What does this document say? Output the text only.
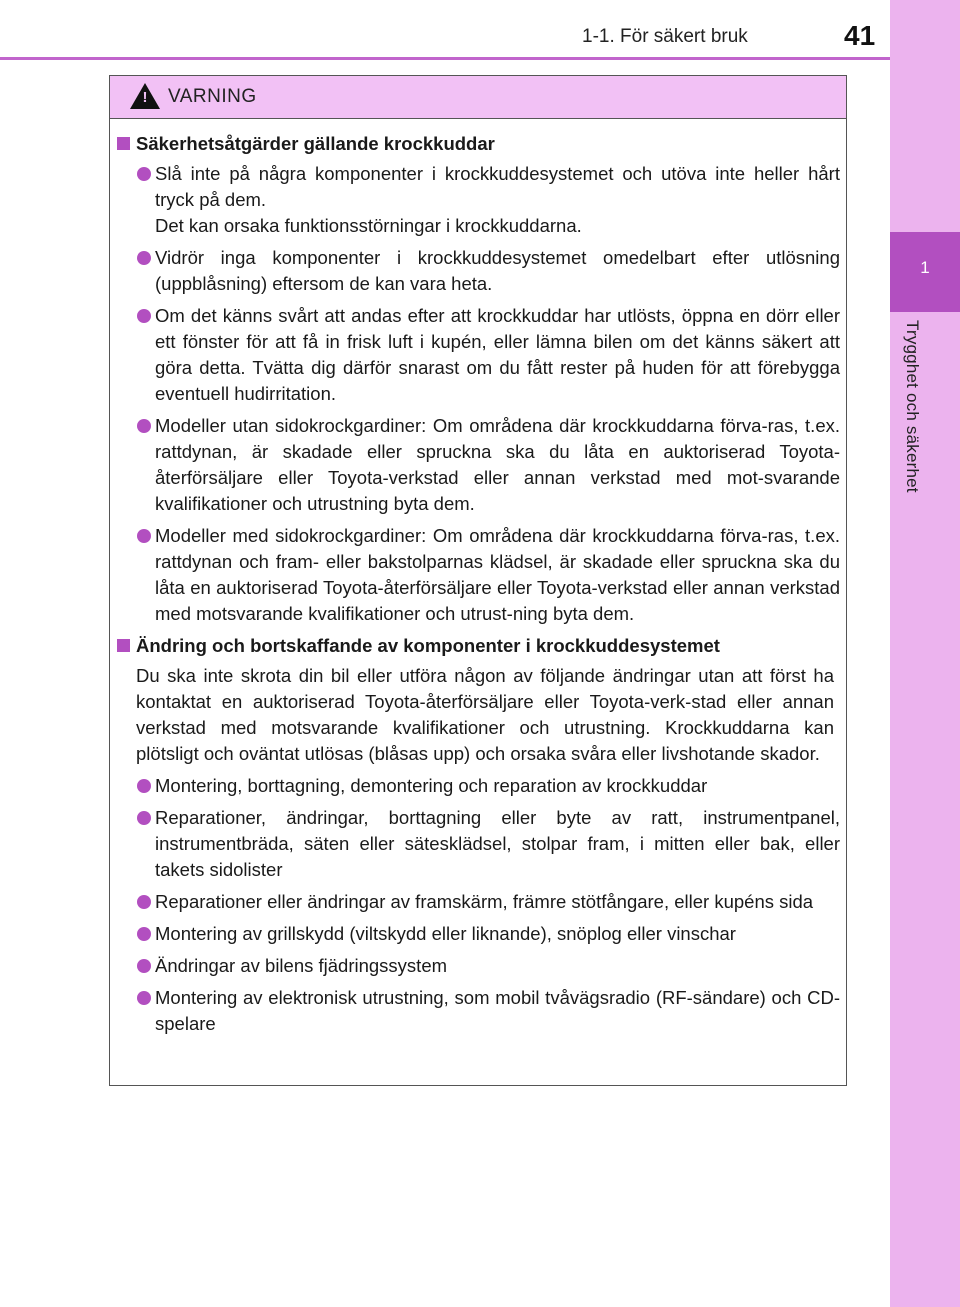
1
Trygghet och säkerhet
1-1. För säkert bruk	41
! VARNING
Säkerhetsåtgärder gällande krockkuddar
Slå inte på några komponenter i krockkuddesystemet och utöva inte heller hårt tryck på dem.
Det kan orsaka funktionsstörningar i krockkuddarna.
Vidrör inga komponenter i krockkuddesystemet omedelbart efter utlösning (uppblåsning) eftersom de kan vara heta.
Om det känns svårt att andas efter att krockkuddar har utlösts, öppna en dörr eller ett fönster för att få in frisk luft i kupén, eller lämna bilen om det känns säkert att göra detta. Tvätta dig därför snarast om du fått rester på huden för att förebygga eventuell hudirritation.
Modeller utan sidokrockgardiner: Om områdena där krockkuddarna förva-ras, t.ex. rattdynan, är skadade eller spruckna ska du låta en auktoriserad Toyota-återförsäljare eller Toyota-verkstad eller annan verkstad med mot-svarande kvalifikationer och utrustning byta dem.
Modeller med sidokrockgardiner: Om områdena där krockkuddarna förva-ras, t.ex. rattdynan och fram- eller bakstolparnas klädsel, är skadade eller spruckna ska du låta en auktoriserad Toyota-återförsäljare eller Toyota-verkstad eller annan verkstad med motsvarande kvalifikationer och utrust-ning byta dem.
Ändring och bortskaffande av komponenter i krockkuddesystemet
Du ska inte skrota din bil eller utföra någon av följande ändringar utan att först ha kontaktat en auktoriserad Toyota-återförsäljare eller Toyota-verk-stad eller annan verkstad med motsvarande kvalifikationer och utrustning. Krockkuddarna kan plötsligt och oväntat utlösas (blåsas upp) och orsaka svåra eller livshotande skador.
Montering, borttagning, demontering och reparation av krockkuddar
Reparationer, ändringar, borttagning eller byte av ratt, instrumentpanel, instrumentbräda, säten eller sätesklädsel, stolpar fram, i mitten eller bak, eller takets sidolister
Reparationer eller ändringar av framskärm, främre stötfångare, eller kupéns sida
Montering av grillskydd (viltskydd eller liknande), snöplog eller vinschar
Ändringar av bilens fjädringssystem
Montering av elektronisk utrustning, som mobil tvåvägsradio (RF-sändare) och CD-spelare
